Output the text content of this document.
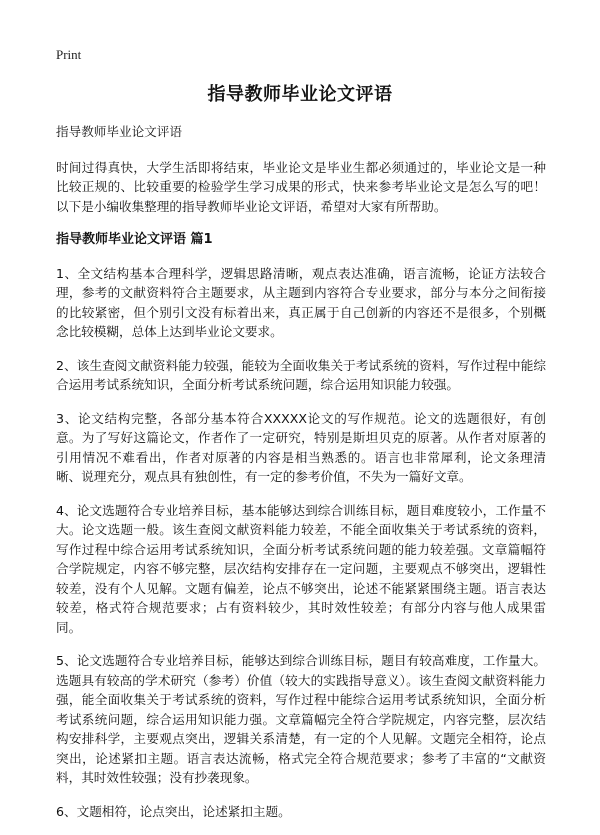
Print
指导教师毕业论文评语

指导教师毕业论文评语

时间过得真快，大学生活即将结束，毕业论文是毕业生都必须通过的，毕业论文是一种比较正规的、比较重要的检验学生学习成果的形式，快来参考毕业论文是怎么写的吧！以下是小编收集整理的指导教师毕业论文评语，希望对大家有所帮助。

指导教师毕业论文评语 篇1

1、全文结构基本合理科学，逻辑思路清晰，观点表达准确，语言流畅，论证方法较合理，参考的文献资料符合主题要求，从主题到内容符合专业要求，部分与本分之间衔接的比较紧密，但个别引文没有标着出来，真正属于自己创新的内容还不是很多，个别概念比较模糊，总体上达到毕业论文要求。

2、该生查阅文献资料能力较强，能较为全面收集关于考试系统的资料，写作过程中能综合运用考试系统知识，全面分析考试系统问题，综合运用知识能力较强。

3、论文结构完整，各部分基本符合XXXXX论文的写作规范。论文的选题很好，有创意。为了写好这篇论文，作者作了一定研究，特别是斯坦贝克的原著。从作者对原著的引用情况不难看出，作者对原著的内容是相当熟悉的。语言也非常犀利，论文条理清晰、说理充分，观点具有独创性，有一定的参考价值，不失为一篇好文章。

4、论文选题符合专业培养目标，基本能够达到综合训练目标，题目难度较小，工作量不大。论文选题一般。该生查阅文献资料能力较差，不能全面收集关于考试系统的资料，写作过程中综合运用考试系统知识，全面分析考试系统问题的能力较差强。文章篇幅符合学院规定，内容不够完整，层次结构安排存在一定问题，主要观点不够突出，逻辑性较差，没有个人见解。文题有偏差，论点不够突出，论述不能紧紧围绕主题。语言表达较差，格式符合规范要求；占有资料较少，其时效性较差；有部分内容与他人成果雷同。

5、论文选题符合专业培养目标，能够达到综合训练目标，题目有较高难度，工作量大。选题具有较高的学术研究（参考）价值（较大的实践指导意义）。该生查阅文献资料能力强，能全面收集关于考试系统的资料，写作过程中能综合运用考试系统知识，全面分析考试系统问题，综合运用知识能力强。文章篇幅完全符合学院规定，内容完整，层次结构安排科学，主要观点突出，逻辑关系清楚，有一定的个人见解。文题完全相符，论点突出，论述紧扣主题。语言表达流畅，格式完全符合规范要求；参考了丰富的“文献资料，其时效性较强；没有抄袭现象。

6、文题相符，论点突出，论述紧扣主题。
